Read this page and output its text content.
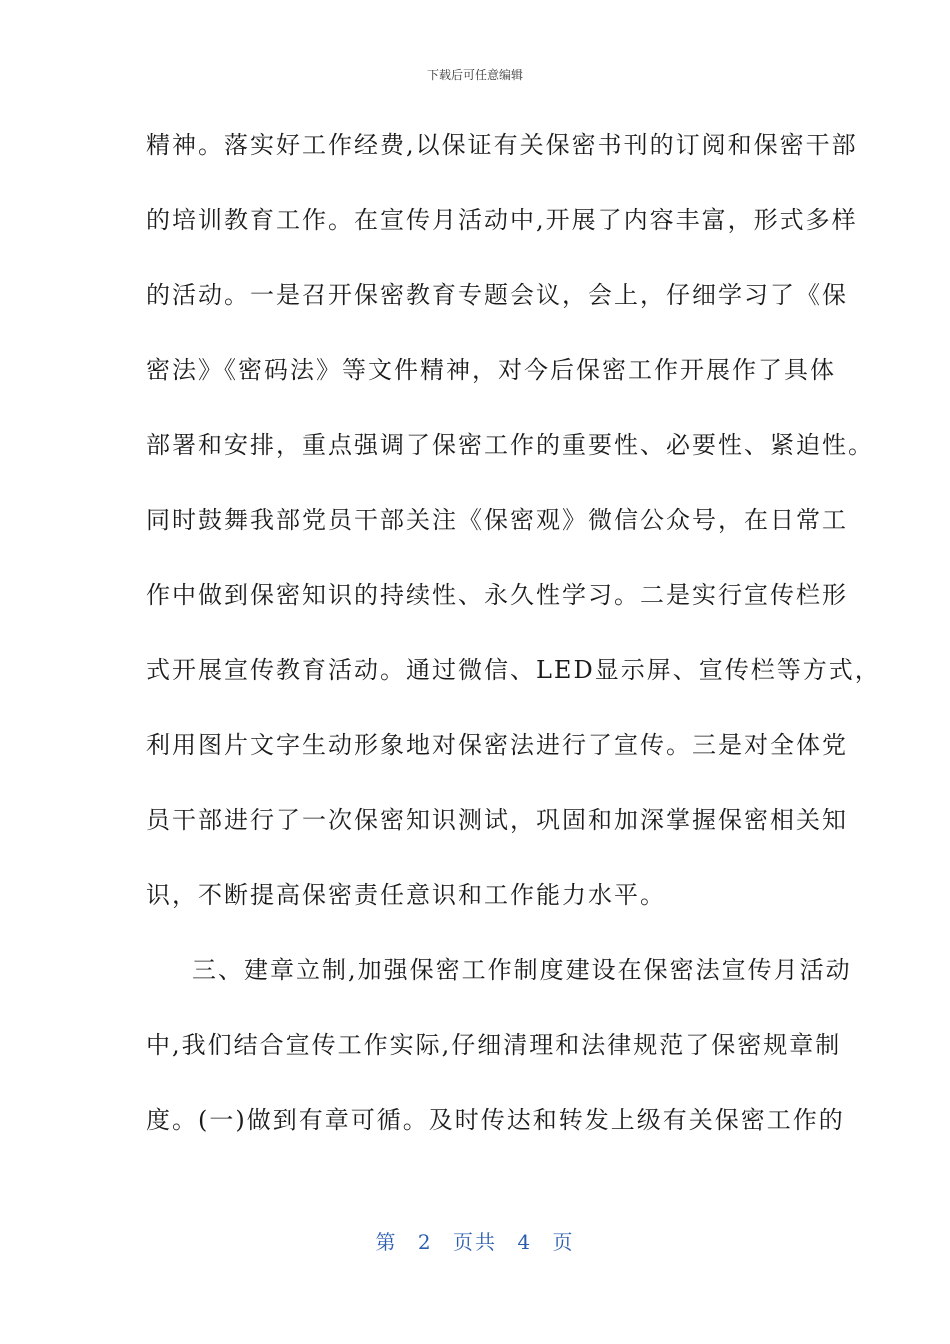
下载后可任意编辑
精神。落实好工作经费,以保证有关保密书刊的订阅和保密干部
的培训教育工作。在宣传月活动中,开展了内容丰富，形式多样
的活动。一是召开保密教育专题会议，会上，仔细学习了《保
密法》《密码法》等文件精神，对今后保密工作开展作了具体
部署和安排，重点强调了保密工作的重要性、必要性、紧迫性。
同时鼓舞我部党员干部关注《保密观》微信公众号，在日常工
作中做到保密知识的持续性、永久性学习。二是实行宣传栏形
式开展宣传教育活动。通过微信、LED显示屏、宣传栏等方式，
利用图片文字生动形象地对保密法进行了宣传。三是对全体党
员干部进行了一次保密知识测试，巩固和加深掌握保密相关知
识，不断提高保密责任意识和工作能力水平。
三、建章立制,加强保密工作制度建设在保密法宣传月活动
中,我们结合宣传工作实际,仔细清理和法律规范了保密规章制
度。(一)做到有章可循。及时传达和转发上级有关保密工作的
第 2 页共 4 页
